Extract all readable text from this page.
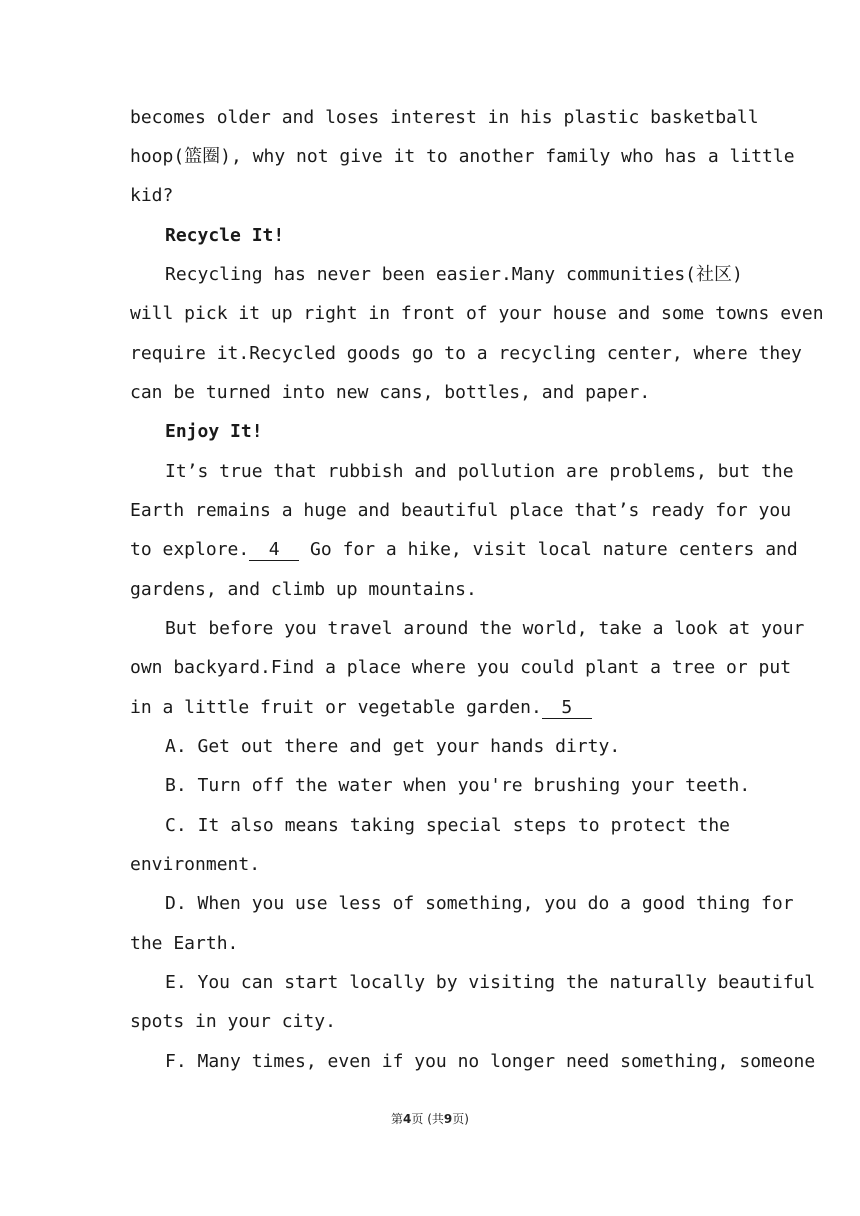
becomes older and loses interest in his plastic basketball
hoop(篮圈), why not give it to another family who has a little
kid?
Recycle It!
Recycling has never been easier.Many communities(社区)
will pick it up right in front of your house and some towns even
require it.Recycled goods go to a recycling center, where they
can be turned into new cans, bottles, and paper.
Enjoy It!
It’s true that rubbish and pollution are problems, but the
Earth remains a huge and beautiful place that’s ready for you
to explore. 4 Go for a hike, visit local nature centers and
gardens, and climb up mountains.
But before you travel around the world, take a look at your
own backyard.Find a place where you could plant a tree or put
in a little fruit or vegetable garden. 5
A. Get out there and get your hands dirty.
B. Turn off the water when you're brushing your teeth.
C. It also means taking special steps to protect the
environment.
D. When you use less of something, you do a good thing for
the Earth.
E. You can start locally by visiting the naturally beautiful
spots in your city.
F. Many times, even if you no longer need something, someone
第4页 (共9页)
